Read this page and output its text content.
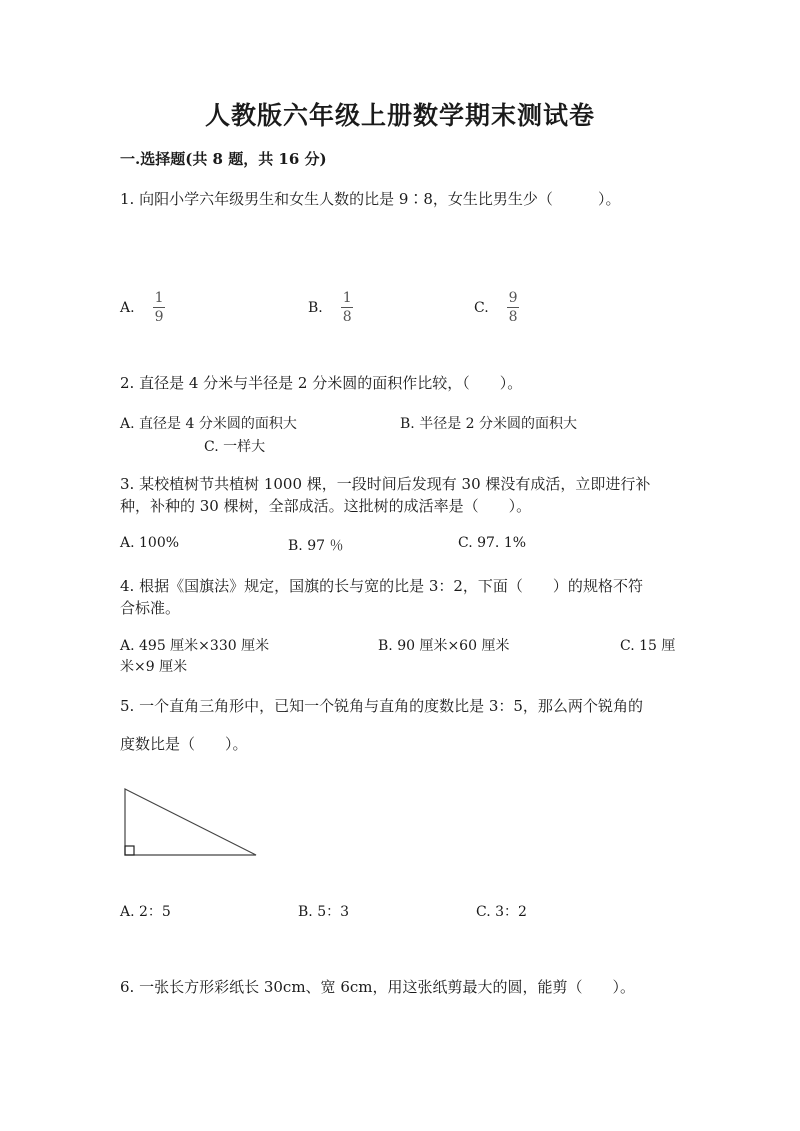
人教版六年级上册数学期末测试卷
一.选择题(共 8 题，共 16 分)
1. 向阳小学六年级男生和女生人数的比是 9∶8，女生比男生少（　　　）。
A. $\frac{1}{9}$	B. $\frac{1}{8}$	C. $\frac{9}{8}$
2. 直径是 4 分米与半径是 2 分米圆的面积作比较，（　　）。
A. 直径是 4 分米圆的面积大	B. 半径是 2 分米圆的面积大
C. 一样大
3. 某校植树节共植树 1000 棵，一段时间后发现有 30 棵没有成活，立即进行补
种，补种的 30 棵树，全部成活。这批树的成活率是（　　）。
A. 100%	B. 97 ％	C. 97. 1%
4. 根据《国旗法》规定，国旗的长与宽的比是 3：2，下面（　　）的规格不符
合标准。
A. 495 厘米×330 厘米	B. 90 厘米×60 厘米	C. 15 厘
米×9 厘米
5. 一个直角三角形中，已知一个锐角与直角的度数比是 3：5，那么两个锐角的
度数比是（　　）。
A. 2：5	B. 5：3	C. 3：2
6. 一张长方形彩纸长 30cm、宽 6cm，用这张纸剪最大的圆，能剪（　　）。
